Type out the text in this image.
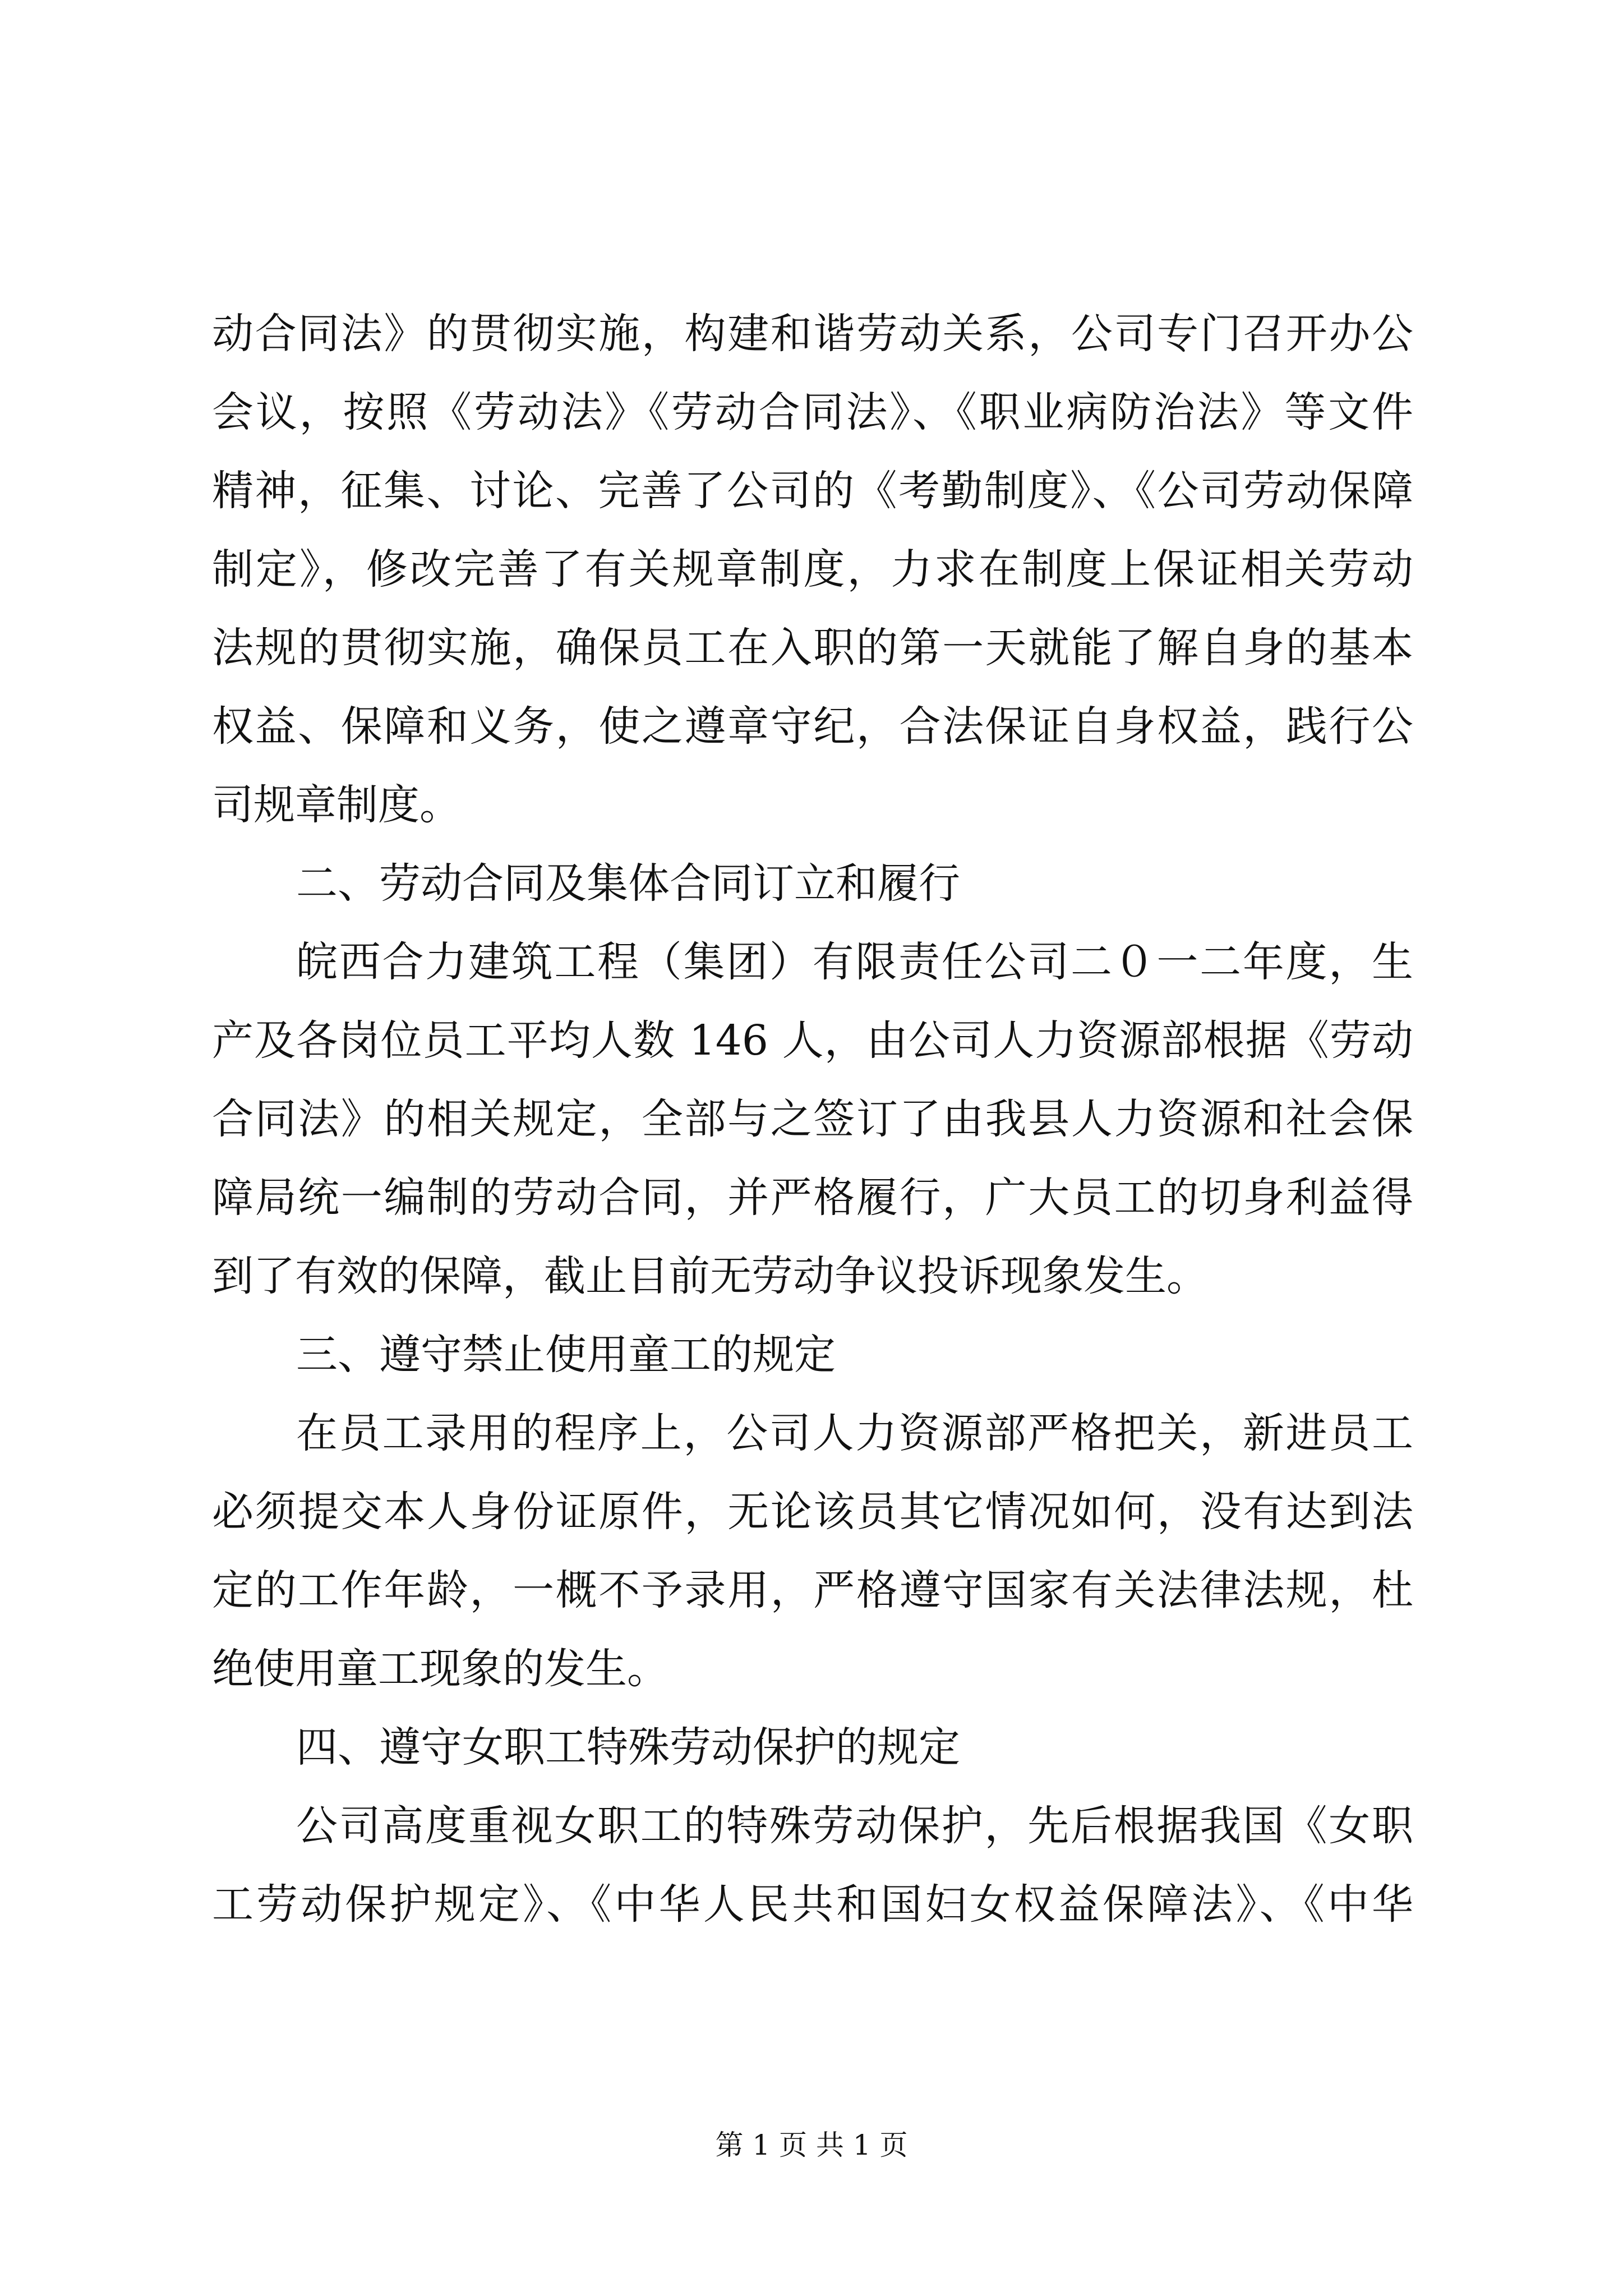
动合同法》的贯彻实施，构建和谐劳动关系，公司专门召开办公
会议，按照《劳动法》《劳动合同法》、《职业病防治法》等文件
精神，征集、讨论、完善了公司的《考勤制度》、《公司劳动保障
制定》，修改完善了有关规章制度，力求在制度上保证相关劳动
法规的贯彻实施，确保员工在入职的第一天就能了解自身的基本
权益、保障和义务，使之遵章守纪，合法保证自身权益，践行公
司规章制度。
二、劳动合同及集体合同订立和履行
皖西合力建筑工程（集团）有限责任公司二０一二年度，生
产及各岗位员工平均人数 146 人，由公司人力资源部根据《劳动
合同法》的相关规定，全部与之签订了由我县人力资源和社会保
障局统一编制的劳动合同，并严格履行，广大员工的切身利益得
到了有效的保障，截止目前无劳动争议投诉现象发生。
三、遵守禁止使用童工的规定
在员工录用的程序上，公司人力资源部严格把关，新进员工
必须提交本人身份证原件，无论该员其它情况如何，没有达到法
定的工作年龄，一概不予录用，严格遵守国家有关法律法规，杜
绝使用童工现象的发生。
四、遵守女职工特殊劳动保护的规定
公司高度重视女职工的特殊劳动保护，先后根据我国《女职
工劳动保护规定》、《中华人民共和国妇女权益保障法》、《中华
第 1 页 共 1 页
